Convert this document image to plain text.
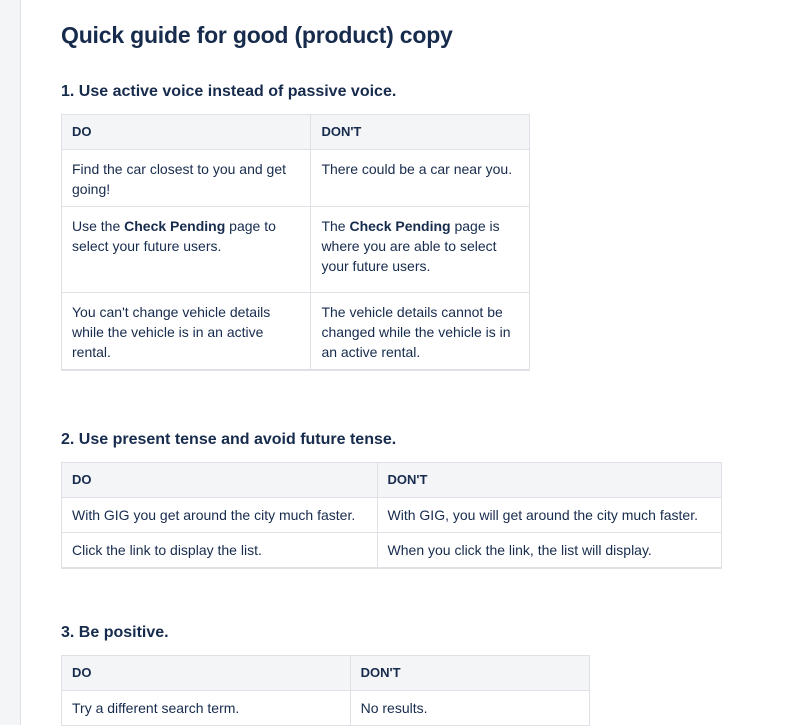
Quick guide for good (product) copy
1. Use active voice instead of passive voice.
DO	DON'T
Find the car closest to you and get going!	There could be a car near you.
Use the Check Pending page to select your future users.	The Check Pending page is where you are able to select your future users.
You can't change vehicle details while the vehicle is in an active rental.	The vehicle details cannot be changed while the vehicle is in an active rental.
2. Use present tense and avoid future tense.
DO	DON'T
With GIG you get around the city much faster.	With GIG, you will get around the city much faster.
Click the link to display the list.	When you click the link, the list will display.
3. Be positive.
DO	DON'T
Try a different search term.	No results.
